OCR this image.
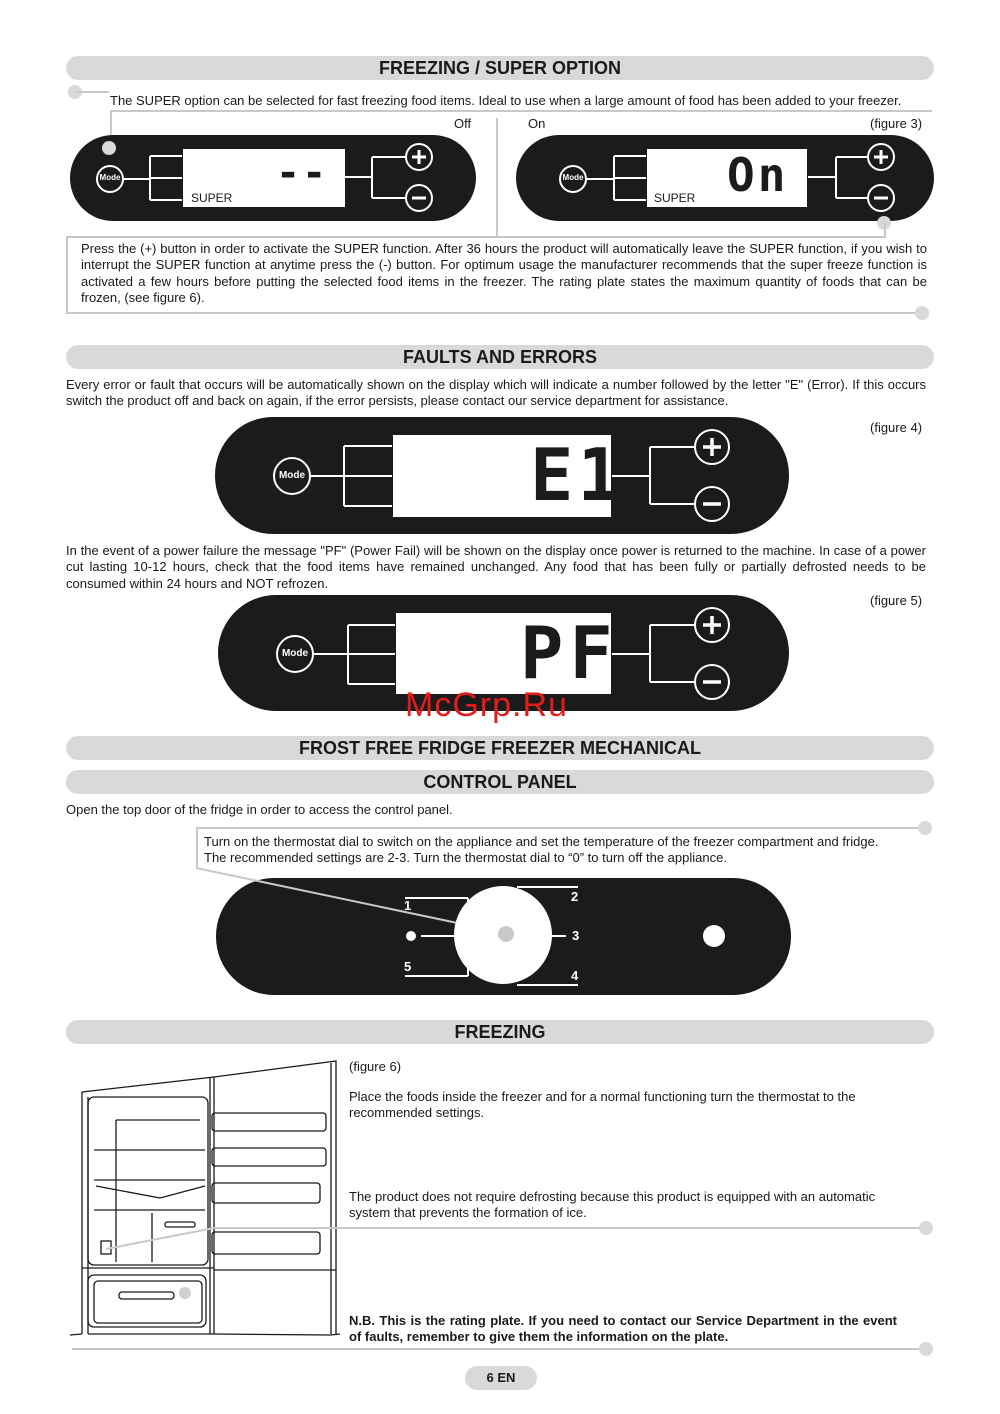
FREEZING / SUPER OPTION
The SUPER option can be selected for fast freezing food items. Ideal to use when a large amount of food has been added to your freezer.
Off	On	(figure 3)
Mode
SUPER
--	Mode
SUPER On
Press the (+) button in order to activate the SUPER function. After 36 hours the product will automatically leave the SUPER function, if you wish to interrupt the SUPER function at anytime press the (-) button. For optimum usage the manufacturer recommends that the super freeze function is activated a few hours before putting the selected food items in the freezer. The rating plate states the maximum quantity of foods that can be frozen, (see figure 6).
FAULTS AND ERRORS
Every error or fault that occurs will be automatically shown on the display which will indicate a number followed by the letter "E" (Error). If this occurs switch the product off and back on again, if the error persists, please contact our service department for assistance.
(figure 4)
Mode	E1
In the event of a power failure the message "PF" (Power Fail) will be shown on the display once power is returned to the machine. In case of a power cut lasting 10-12 hours, check that the food items have remained unchanged. Any food that has been fully or partially defrosted needs to be consumed within 24 hours and NOT refrozen.
(figure 5)
Mode	PF
McGrp.Ru
FROST FREE FRIDGE FREEZER MECHANICAL
CONTROL PANEL
Open the top door of the fridge in order to access the control panel.
Turn on the thermostat dial to switch on the appliance and set the temperature of the freezer compartment and fridge. The recommended settings are 2-3. Turn the thermostat dial to “0” to turn off the appliance.
1
2
3
4
5
FREEZING
(figure 6)
Place the foods inside the freezer and for a normal functioning turn the thermostat to the recommended settings.
The product does not require defrosting because this product is equipped with an automatic system that prevents the formation of ice.
N.B. This is the rating plate. If you need to contact our Service Department in the event of faults, remember to give them the information on the plate.
6 EN
